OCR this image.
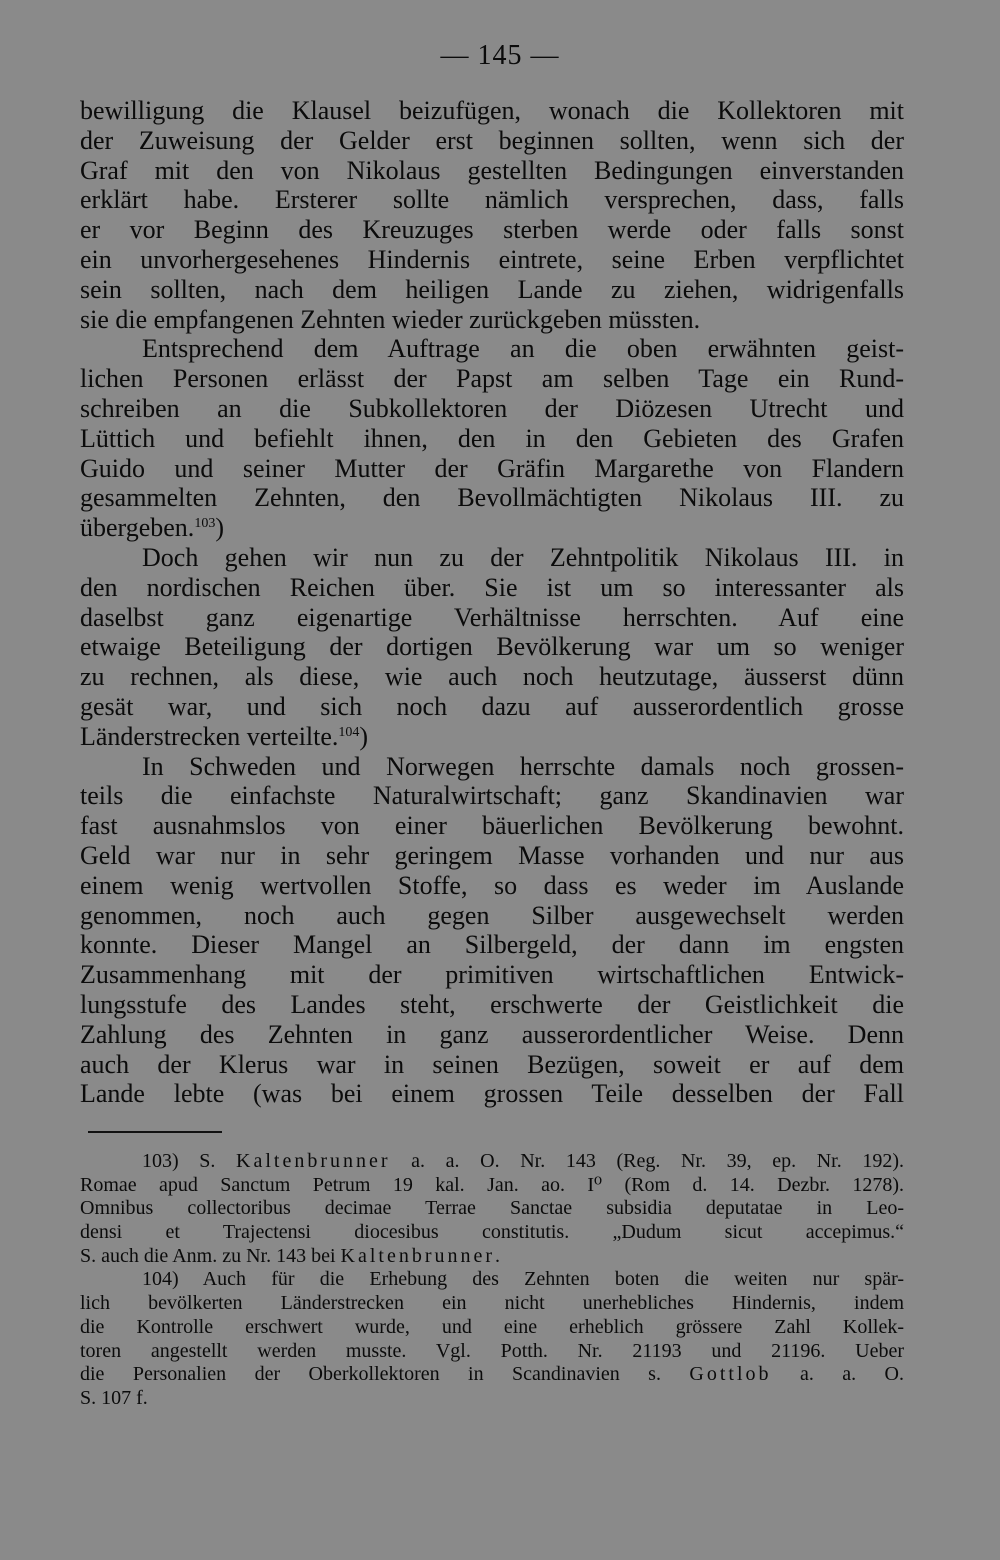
— 145 —
bewilligung die Klausel beizufügen, wonach die Kollektoren mit
der Zuweisung der Gelder erst beginnen sollten, wenn sich der
Graf mit den von Nikolaus gestellten Bedingungen einverstanden
erklärt habe. Ersterer sollte nämlich versprechen, dass, falls
er vor Beginn des Kreuzuges sterben werde oder falls sonst
ein unvorhergesehenes Hindernis eintrete, seine Erben verpflichtet
sein sollten, nach dem heiligen Lande zu ziehen, widrigenfalls
sie die empfangenen Zehnten wieder zurückgeben müssten.
Entsprechend dem Auftrage an die oben erwähnten geist-
lichen Personen erlässt der Papst am selben Tage ein Rund-
schreiben an die Subkollektoren der Diözesen Utrecht und
Lüttich und befiehlt ihnen, den in den Gebieten des Grafen
Guido und seiner Mutter der Gräfin Margarethe von Flandern
gesammelten Zehnten, den Bevollmächtigten Nikolaus III. zu
übergeben.$^{103}$)
Doch gehen wir nun zu der Zehntpolitik Nikolaus III. in
den nordischen Reichen über. Sie ist um so interessanter als
daselbst ganz eigenartige Verhältnisse herrschten. Auf eine
etwaige Beteiligung der dortigen Bevölkerung war um so weniger
zu rechnen, als diese, wie auch noch heutzutage, äusserst dünn
gesät war, und sich noch dazu auf ausserordentlich grosse
Länderstrecken verteilte.$^{104}$)
In Schweden und Norwegen herrschte damals noch grossen-
teils die einfachste Naturalwirtschaft; ganz Skandinavien war
fast ausnahmslos von einer bäuerlichen Bevölkerung bewohnt.
Geld war nur in sehr geringem Masse vorhanden und nur aus
einem wenig wertvollen Stoffe, so dass es weder im Auslande
genommen, noch auch gegen Silber ausgewechselt werden
konnte. Dieser Mangel an Silbergeld, der dann im engsten
Zusammenhang mit der primitiven wirtschaftlichen Entwick-
lungsstufe des Landes steht, erschwerte der Geistlichkeit die
Zahlung des Zehnten in ganz ausserordentlicher Weise. Denn
auch der Klerus war in seinen Bezügen, soweit er auf dem
Lande lebte (was bei einem grossen Teile desselben der Fall
103) S. Kaltenbrunner a. a. O. Nr. 143 (Reg. Nr. 39, ep. Nr. 192).
Romae apud Sanctum Petrum 19 kal. Jan. ao. I⁰ (Rom d. 14. Dezbr. 1278).
Omnibus collectoribus decimae Terrae Sanctae subsidia deputatae in Leo-
densi et Trajectensi diocesibus constitutis. „Dudum sicut accepimus.“
S. auch die Anm. zu Nr. 143 bei Kaltenbrunner.
104) Auch für die Erhebung des Zehnten boten die weiten nur spär-
lich bevölkerten Länderstrecken ein nicht unerhebliches Hindernis, indem
die Kontrolle erschwert wurde, und eine erheblich grössere Zahl Kollek-
toren angestellt werden musste. Vgl. Potth. Nr. 21193 und 21196. Ueber
die Personalien der Oberkollektoren in Scandinavien s. Gottlob a. a. O.
S. 107 f.
